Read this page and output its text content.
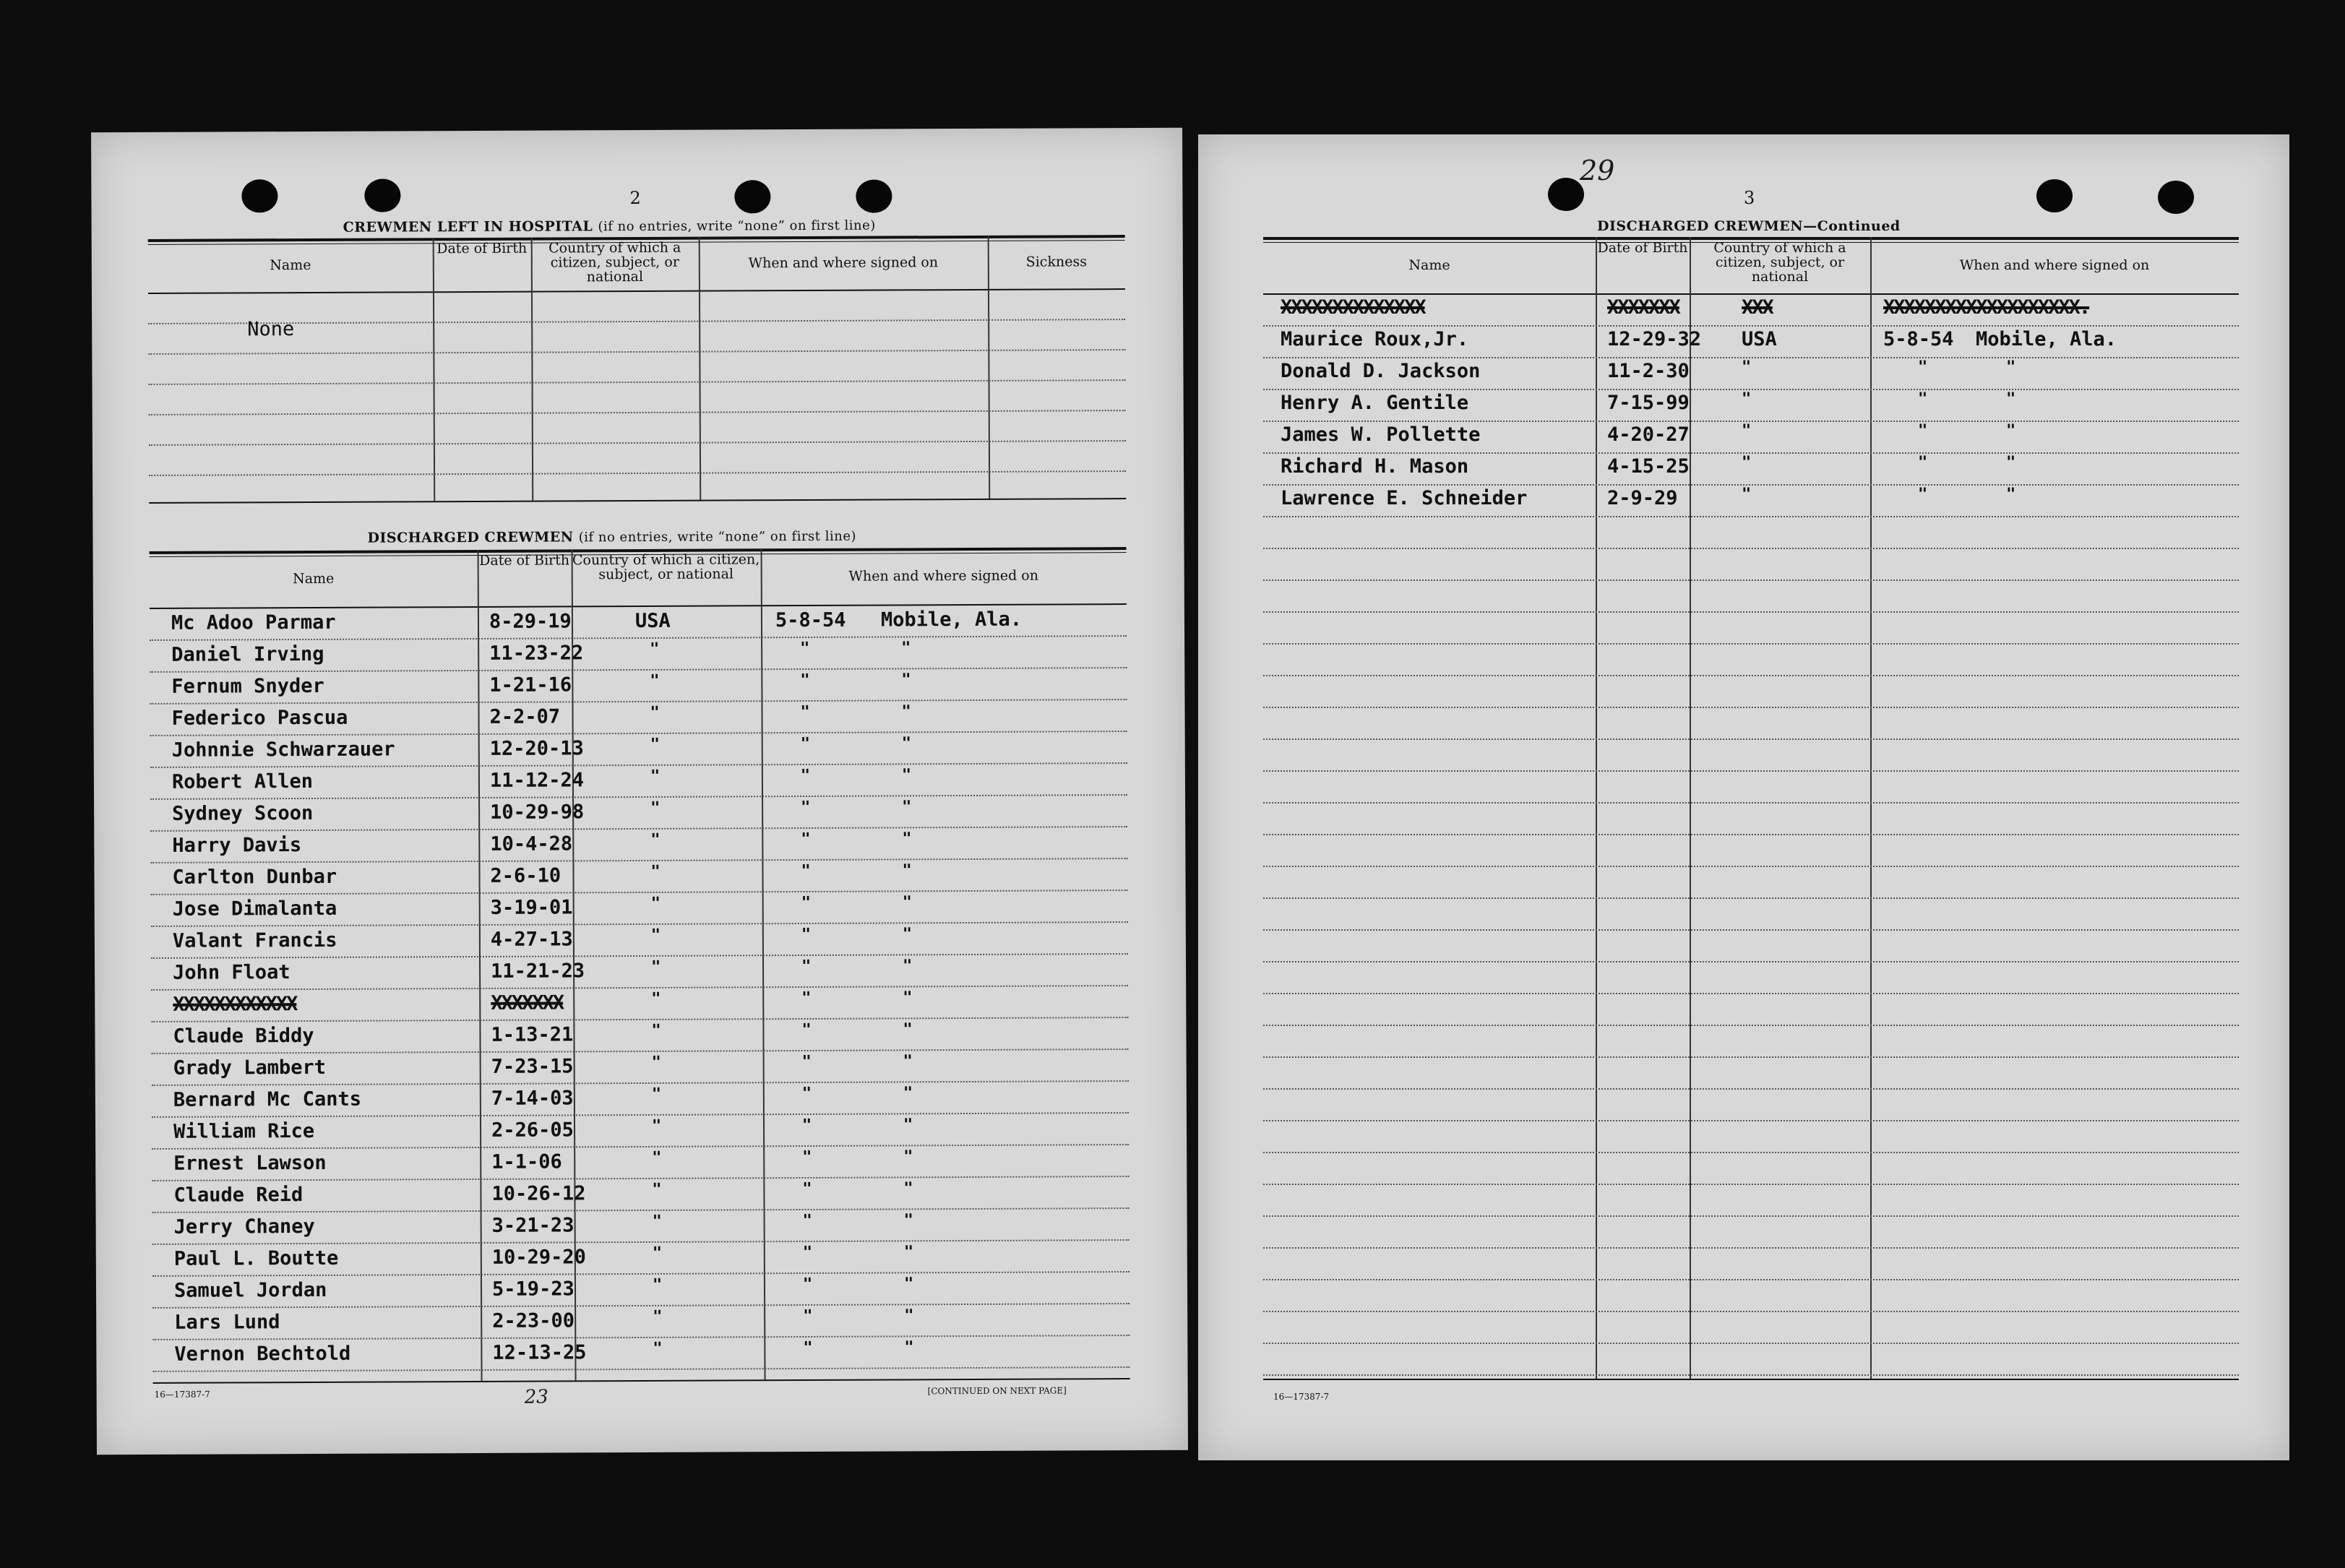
2
CREWMEN LEFT IN HOSPITAL (if no entries, write “none” on first line)
DISCHARGED CREWMEN (if no entries, write “none” on first line)
16—17387-7	[CONTINUED ON NEXT PAGE]
23
Name
Date of Birth	Country of which a citizen, subject, or national
When and where signed on	Sickness
None
Name
Date of Birth Country of which a citizen, subject, or national	When and where signed on
Mc Adoo Parmar	8-29-19	USA	5-8-54 Mobile, Ala.
Daniel Irving	11-23-22	"	"	"
Fernum Snyder	1-21-16	"	"	"
Federico Pascua	2-2-07	"	"	"
Johnnie Schwarzauer	12-20-13	"	"	"
Robert Allen	11-12-24	"	"	"
Sydney Scoon	10-29-98	"	"	"
Harry Davis	10-4-28	"	"	"
Carlton Dunbar	2-6-10	"	"	"
Jose Dimalanta	3-19-01	"	"	"
Valant Francis	4-27-13	"	"	"
John Float	11-21-23	"	"	"
XXXXXXXXXXXX	XXXXXXX	"	"	"
Claude Biddy	1-13-21	"	"	"
Grady Lambert	7-23-15	"	"	"
Bernard Mc Cants	7-14-03	"	"	"
William Rice	2-26-05	"	"	"
Ernest Lawson	1-1-06	"	"	"
Claude Reid	10-26-12	"	"	"
Jerry Chaney	3-21-23	"	"	"
Paul L. Boutte	10-29-20	"	"	"
Samuel Jordan	5-19-23	"	"	"
Lars Lund	2-23-00	"	"	"
Vernon Bechtold	12-13-25	"	"	"
29
3
DISCHARGED CREWMEN—Continued
16—17387-7
Name
Date of Birth	Country of which a citizen, subject, or national
When and where signed on
XXXXXXXXXXXXXX	XXXXXXX	XXX	XXXXXXXXXXXXXXXXXXX.
Maurice Roux,Jr.	12-29-32 USA	5-8-54 Mobile, Ala.
Donald D. Jackson	11-2-30	"	"	"
Henry A. Gentile	7-15-99	"	"	"
James W. Pollette	4-20-27	"	"	"
Richard H. Mason	4-15-25	"	"	"
Lawrence E. Schneider	2-9-29	"	"	"
